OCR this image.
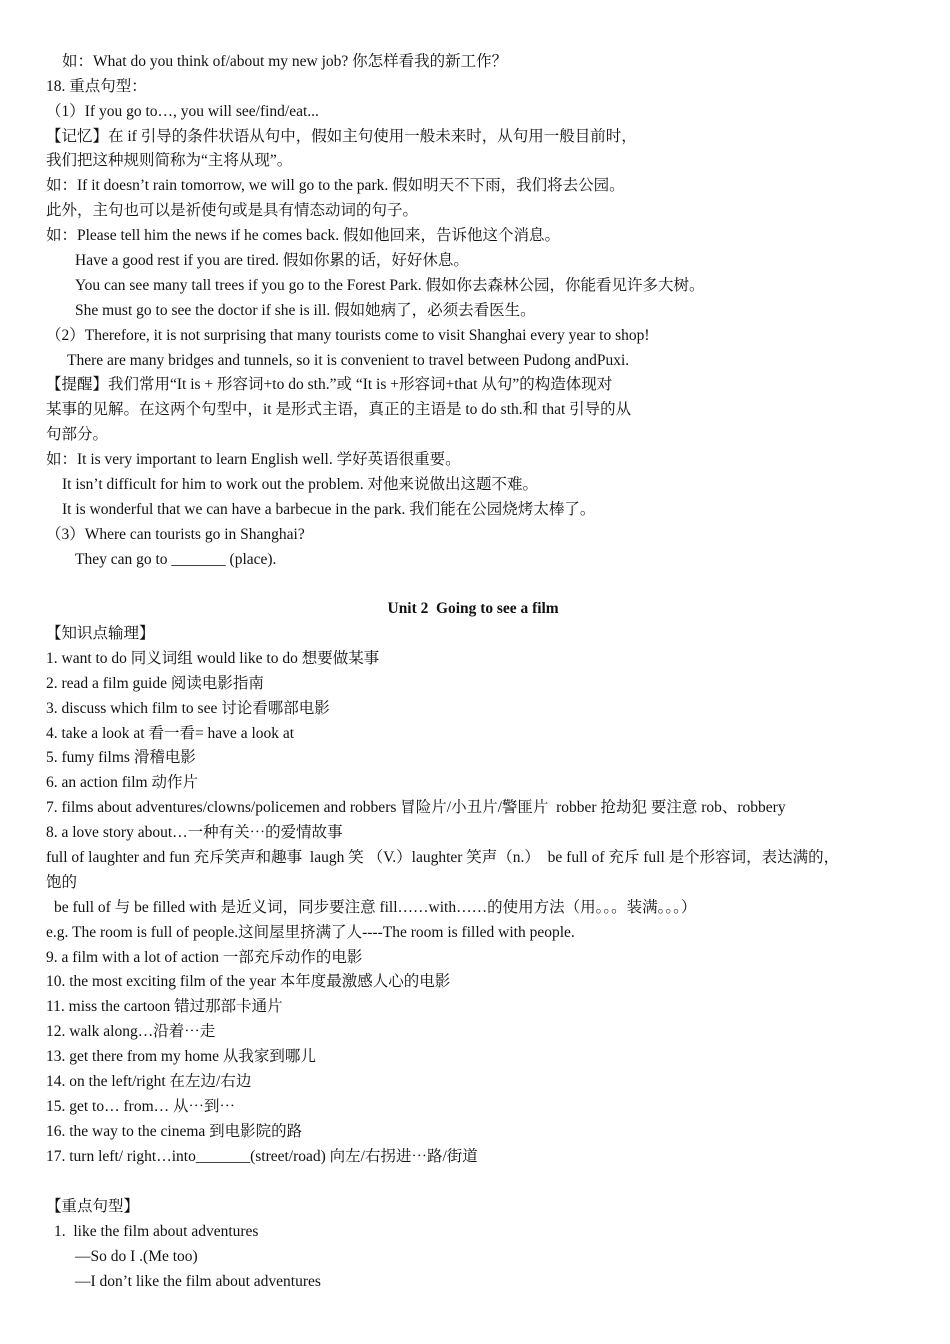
如：What do you think of/about my new job? 你怎样看我的新工作？
18. 重点句型：
（1）If you go to…, you will see/find/eat...
【记忆】在 if 引导的条件状语从句中，假如主句使用一般未来时，从句用一般目前时，
我们把这种规则简称为“主将从现”。
如：If it doesn’t rain tomorrow, we will go to the park. 假如明天不下雨，我们将去公园。
此外，主句也可以是祈使句或是具有情态动词的句子。
如：Please tell him the news if he comes back. 假如他回来，告诉他这个消息。
Have a good rest if you are tired. 假如你累的话，好好休息。
You can see many tall trees if you go to the Forest Park. 假如你去森林公园，你能看见许多大树。
She must go to see the doctor if she is ill. 假如她病了，必须去看医生。
（2）Therefore, it is not surprising that many tourists come to visit Shanghai every year to shop!
There are many bridges and tunnels, so it is convenient to travel between Pudong andPuxi.
【提醒】我们常用“It is + 形容词+to do sth.”或 “It is +形容词+that 从句”的构造体现对
某事的见解。在这两个句型中，it 是形式主语，真正的主语是 to do sth.和 that 引导的从
句部分。
如：It is very important to learn English well. 学好英语很重要。
It isn’t difficult for him to work out the problem. 对他来说做出这题不难。
It is wonderful that we can have a barbecue in the park. 我们能在公园烧烤太棒了。
（3）Where can tourists go in Shanghai?
They can go to _______ (place).
Unit 2  Going to see a film
【知识点输理】
1. want to do 同义词组 would like to do 想要做某事
2. read a film guide 阅读电影指南
3. discuss which film to see 讨论看哪部电影
4. take a look at 看一看= have a look at
5. fumy films 滑稽电影
6. an action film 动作片
7. films about adventures/clowns/policemen and robbers 冒险片/小丑片/警匪片  robber 抢劫犯 要注意 rob、robbery
8. a love story about…一种有关⋯的爱情故事
full of laughter and fun 充斥笑声和趣事  laugh 笑 （V.）laughter 笑声（n.）  be full of 充斥 full 是个形容词，表达满的，
饱的
be full of 与 be filled with 是近义词，同步要注意 fill……with……的使用方法（用。。。装满。。。）
e.g. The room is full of people.这间屋里挤满了人----The room is filled with people.
9. a film with a lot of action 一部充斥动作的电影
10. the most exciting film of the year 本年度最激感人心的电影
11. miss the cartoon 错过那部卡通片
12. walk along…沿着⋯走
13. get there from my home 从我家到哪儿
14. on the left/right 在左边/右边
15. get to… from… 从⋯到⋯
16. the way to the cinema 到电影院的路
17. turn left/ right…into_______(street/road) 向左/右拐进⋯路/街道
【重点句型】
1.  like the film about adventures
—So do I .(Me too)
—I don’t like the film about adventures
